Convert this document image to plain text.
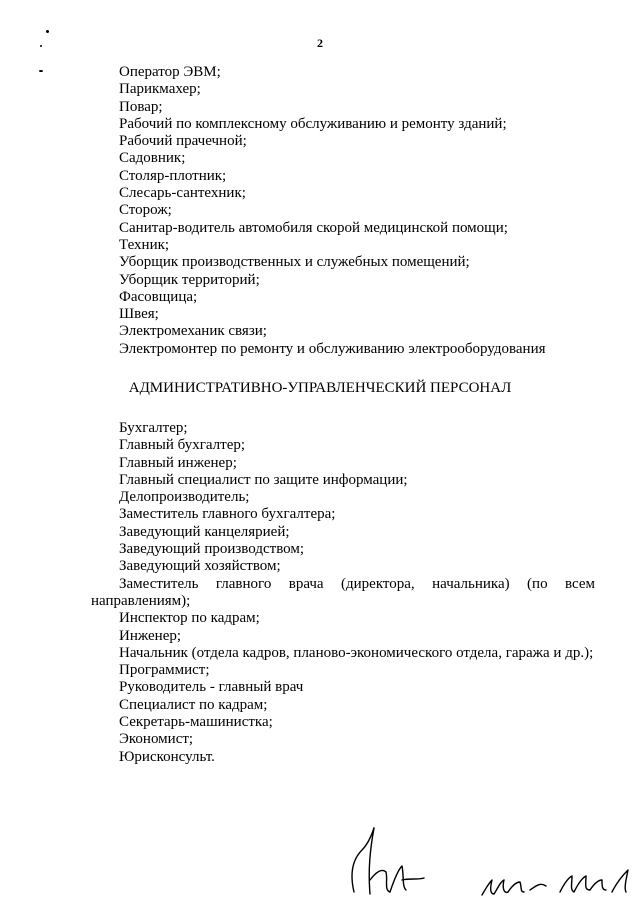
2
Оператор ЭВМ;
Парикмахер;
Повар;
Рабочий по комплексному обслуживанию и ремонту зданий;
Рабочий прачечной;
Садовник;
Столяр-плотник;
Слесарь-сантехник;
Сторож;
Санитар-водитель автомобиля скорой медицинской помощи;
Техник;
Уборщик производственных и служебных помещений;
Уборщик территорий;
Фасовщица;
Швея;
Электромеханик связи;
Электромонтер по ремонту и обслуживанию электрооборудования
АДМИНИСТРАТИВНО-УПРАВЛЕНЧЕСКИЙ ПЕРСОНАЛ
Бухгалтер;
Главный бухгалтер;
Главный инженер;
Главный специалист по защите информации;
Делопроизводитель;
Заместитель главного бухгалтера;
Заведующий канцелярией;
Заведующий производством;
Заведующий хозяйством;
Заместитель главного врача (директора, начальника) (по всем направлениям);
Инспектор по кадрам;
Инженер;
Начальник (отдела кадров, планово-экономического отдела, гаража и др.);
Программист;
Руководитель - главный врач
Специалист по кадрам;
Секретарь-машинистка;
Экономист;
Юрисконсульт.
